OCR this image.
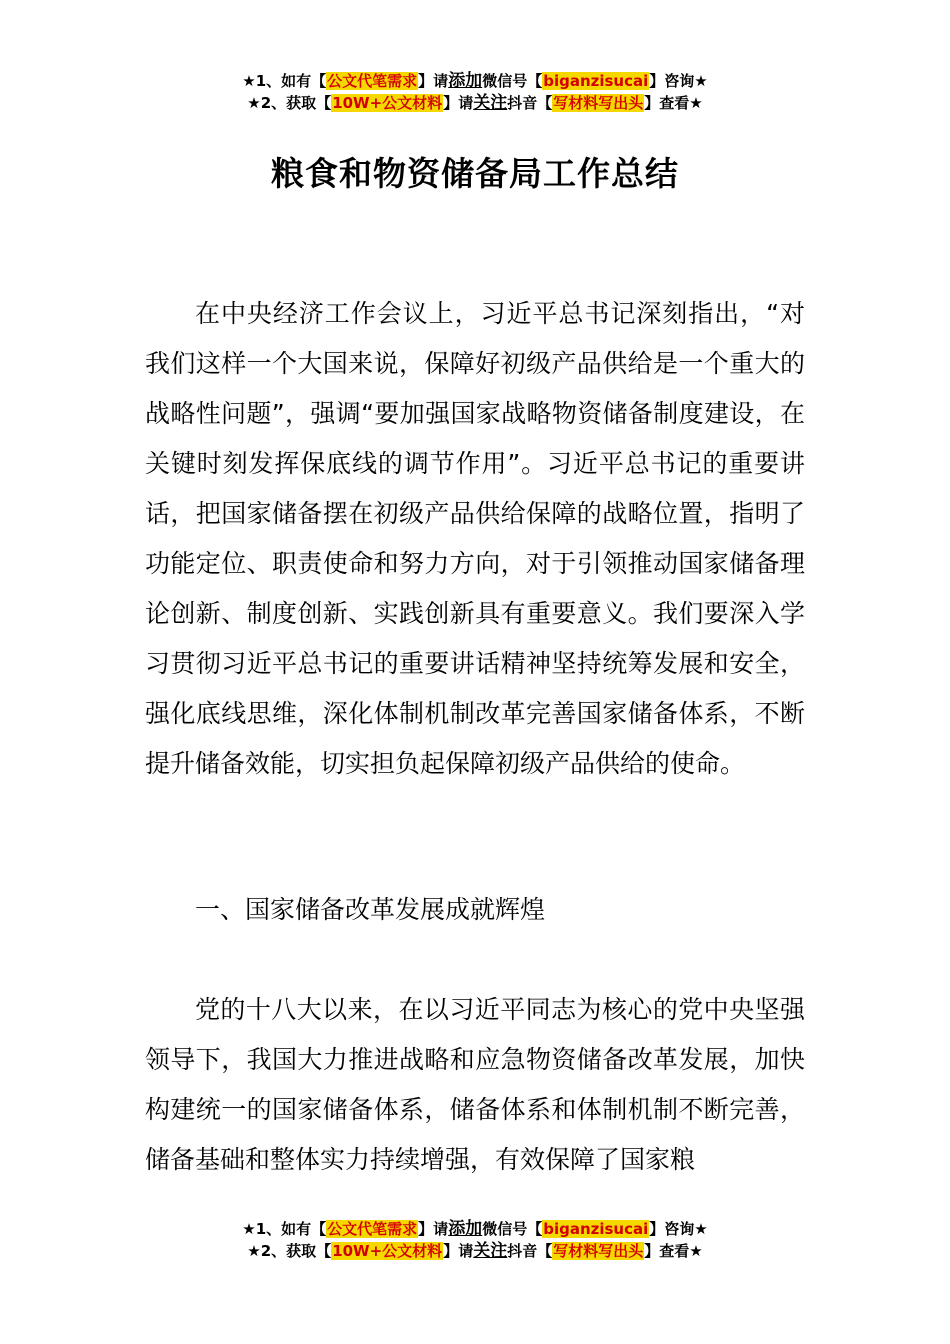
★1、如有【公文代笔需求】请添加微信号【biganzisucai】咨询★
★2、获取【10W+公文材料】请关注抖音【写材料写出头】查看★
粮食和物资储备局工作总结
在中央经济工作会议上，习近平总书记深刻指出，“对我们这样一个大国来说，保障好初级产品供给是一个重大的战略性问题”，强调“要加强国家战略物资储备制度建设，在关键时刻发挥保底线的调节作用”。习近平总书记的重要讲话，把国家储备摆在初级产品供给保障的战略位置，指明了功能定位、职责使命和努力方向，对于引领推动国家储备理论创新、制度创新、实践创新具有重要意义。我们要深入学习贯彻习近平总书记的重要讲话精神坚持统筹发展和安全，强化底线思维，深化体制机制改革完善国家储备体系，不断提升储备效能，切实担负起保障初级产品供给的使命。
一、国家储备改革发展成就辉煌
党的十八大以来，在以习近平同志为核心的党中央坚强领导下，我国大力推进战略和应急物资储备改革发展，加快构建统一的国家储备体系，储备体系和体制机制不断完善，储备基础和整体实力持续增强，有效保障了国家粮
★1、如有【公文代笔需求】请添加微信号【biganzisucai】咨询★
★2、获取【10W+公文材料】请关注抖音【写材料写出头】查看★
